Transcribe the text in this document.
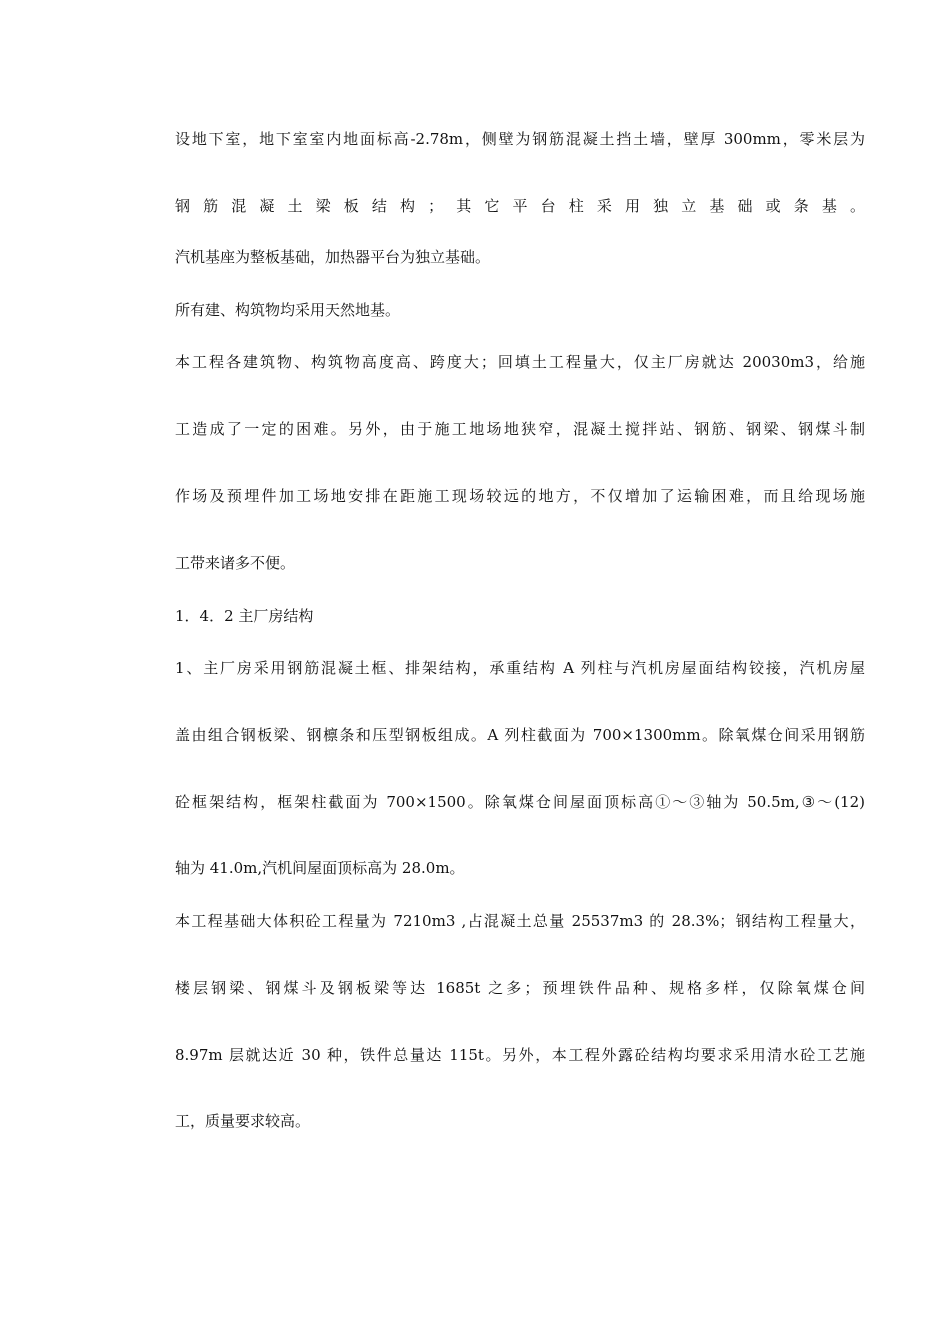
设地下室，地下室室内地面标高-2.78m，侧壁为钢筋混凝土挡土墙，壁厚 300mm，零米层为
钢筋混凝土梁板结构；其它平台柱采用独立基础或条基。
汽机基座为整板基础，加热器平台为独立基础。
所有建、构筑物均采用天然地基。
本工程各建筑物、构筑物高度高、跨度大；回填土工程量大，仅主厂房就达 20030m3，给施
工造成了一定的困难。另外，由于施工地场地狭窄，混凝土搅拌站、钢筋、钢梁、钢煤斗制
作场及预埋件加工场地安排在距施工现场较远的地方，不仅增加了运输困难，而且给现场施
工带来诸多不便。
1．4．2 主厂房结构
1、主厂房采用钢筋混凝土框、排架结构，承重结构 A 列柱与汽机房屋面结构铰接，汽机房屋
盖由组合钢板梁、钢檩条和压型钢板组成。A 列柱截面为 700×1300mm。除氧煤仓间采用钢筋
砼框架结构，框架柱截面为 700×1500。除氧煤仓间屋面顶标高①～③轴为 50.5m,③～(12)
轴为 41.0m,汽机间屋面顶标高为 28.0m。
本工程基础大体积砼工程量为 7210m3 ,占混凝土总量 25537m3 的 28.3%；钢结构工程量大，
楼层钢梁、钢煤斗及钢板梁等达 1685t 之多；预埋铁件品种、规格多样，仅除氧煤仓间
8.97m 层就达近 30 种，铁件总量达 115t。另外，本工程外露砼结构均要求采用清水砼工艺施
工，质量要求较高。
